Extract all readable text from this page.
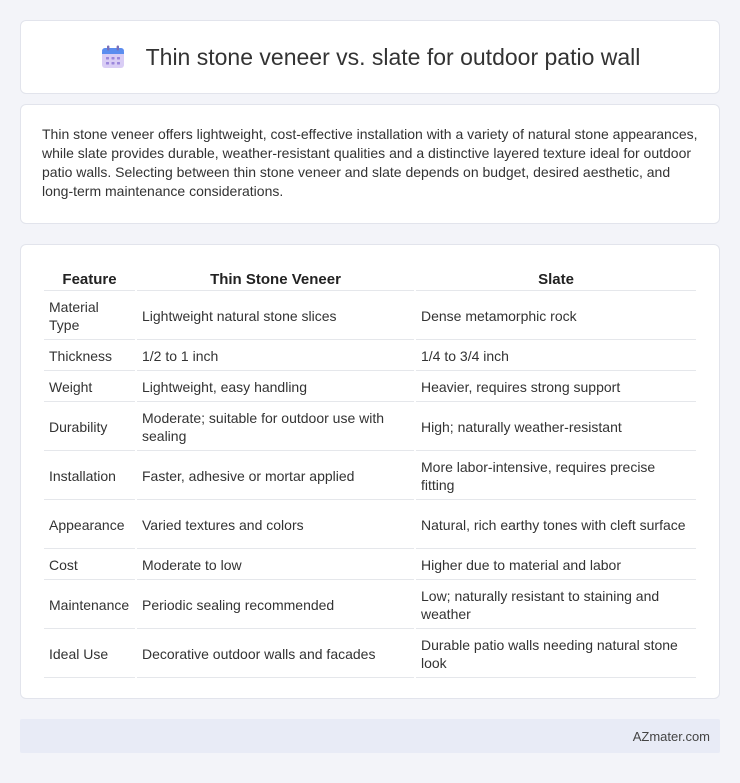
Thin stone veneer vs. slate for outdoor patio wall

Thin stone veneer offers lightweight, cost-effective installation with a variety of natural stone appearances, while slate provides durable, weather-resistant qualities and a distinctive layered texture ideal for outdoor patio walls. Selecting between thin stone veneer and slate depends on budget, desired aesthetic, and long-term maintenance considerations.

Feature	Thin Stone Veneer	Slate
Material Type	Lightweight natural stone slices	Dense metamorphic rock
Thickness	1/2 to 1 inch	1/4 to 3/4 inch
Weight	Lightweight, easy handling	Heavier, requires strong support
Durability	Moderate; suitable for outdoor use with sealing	High; naturally weather-resistant
Installation	Faster, adhesive or mortar applied	More labor-intensive, requires precise fitting
Appearance	Varied textures and colors	Natural, rich earthy tones with cleft surface
Cost	Moderate to low	Higher due to material and labor
Maintenance	Periodic sealing recommended	Low; naturally resistant to staining and weather
Ideal Use	Decorative outdoor walls and facades	Durable patio walls needing natural stone look
AZmater.com
